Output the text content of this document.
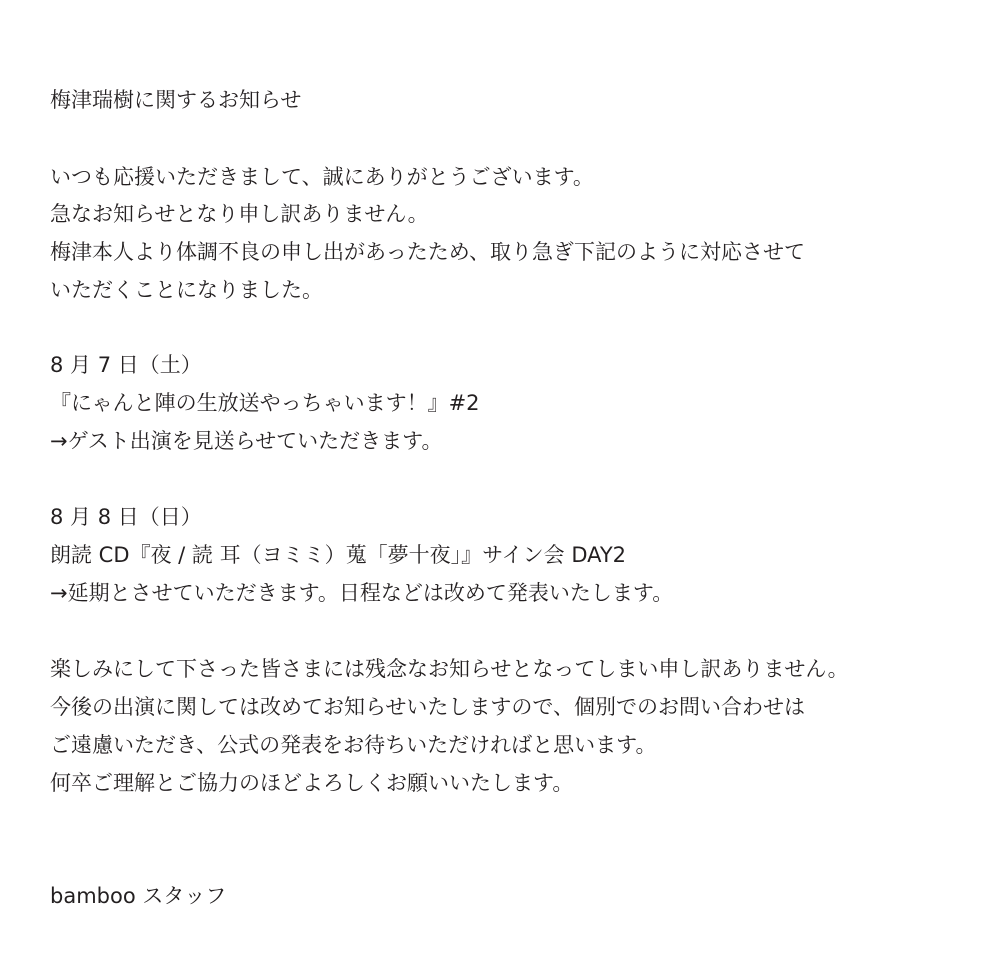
梅津瑞樹に関するお知らせ
いつも応援いただきまして、誠にありがとうございます。
急なお知らせとなり申し訳ありません。
梅津本人より体調不良の申し出があったため、取り急ぎ下記のように対応させて
いただくことになりました。
8 月 7 日（土）
『にゃんと陣の生放送やっちゃいます！』#2
→ゲスト出演を見送らせていただきます。
8 月 8 日（日）
朗読 CD『夜 / 読 耳（ヨミミ）蒐「夢十夜」』サイン会 DAY2
→延期とさせていただきます。日程などは改めて発表いたします。
楽しみにして下さった皆さまには残念なお知らせとなってしまい申し訳ありません。
今後の出演に関しては改めてお知らせいたしますので、個別でのお問い合わせは
ご遠慮いただき、公式の発表をお待ちいただければと思います。
何卒ご理解とご協力のほどよろしくお願いいたします。
bamboo スタッフ
